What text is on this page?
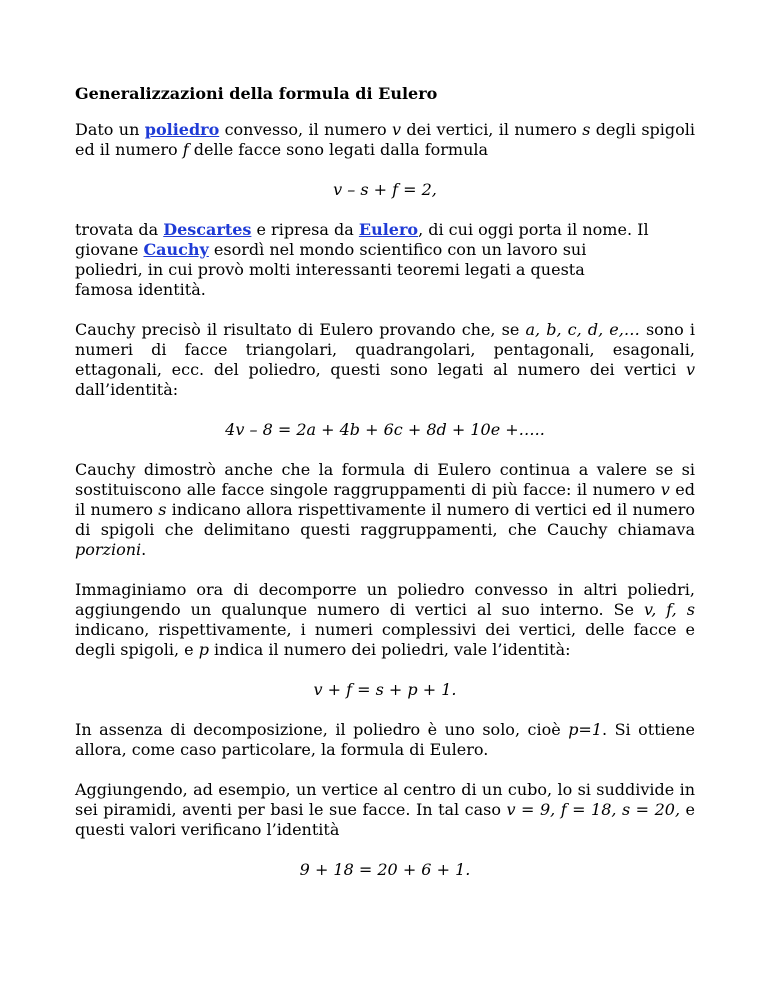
Generalizzazioni della formula di Eulero

Dato un poliedro convesso, il numero v dei vertici, il numero s degli spigoli ed il numero f delle facce sono legati dalla formula

v – s + f = 2,
trovata da Descartes e ripresa da Eulero, di cui oggi porta il nome. Il
giovane Cauchy esordì nel mondo scientifico con un lavoro sui
poliedri, in cui provò molti interessanti teoremi legati a questa
famosa identità.

Cauchy precisò il risultato di Eulero provando che, se a, b, c, d, e,… sono i numeri di facce triangolari, quadrangolari, pentagonali, esagonali, ettagonali, ecc. del poliedro, questi sono legati al numero dei vertici v dall’identità:

4v – 8 = 2a + 4b + 6c + 8d + 10e +…..

Cauchy dimostrò anche che la formula di Eulero continua a valere se si sostituiscono alle facce singole raggruppamenti di più facce: il numero v ed il numero s indicano allora rispettivamente il numero di vertici ed il numero di spigoli che delimitano questi raggruppamenti, che Cauchy chiamava porzioni.

Immaginiamo ora di decomporre un poliedro convesso in altri poliedri, aggiungendo un qualunque numero di vertici al suo interno. Se v, f, s indicano, rispettivamente, i numeri complessivi dei vertici, delle facce e degli spigoli, e p indica il numero dei poliedri, vale l’identità:

v + f = s + p + 1.

In assenza di decomposizione, il poliedro è uno solo, cioè p=1. Si ottiene allora, come caso particolare, la formula di Eulero.

Aggiungendo, ad esempio, un vertice al centro di un cubo, lo si suddivide in sei piramidi, aventi per basi le sue facce. In tal caso v = 9, f = 18, s = 20, e questi valori verificano l’identità

9 + 18 = 20 + 6 + 1.
